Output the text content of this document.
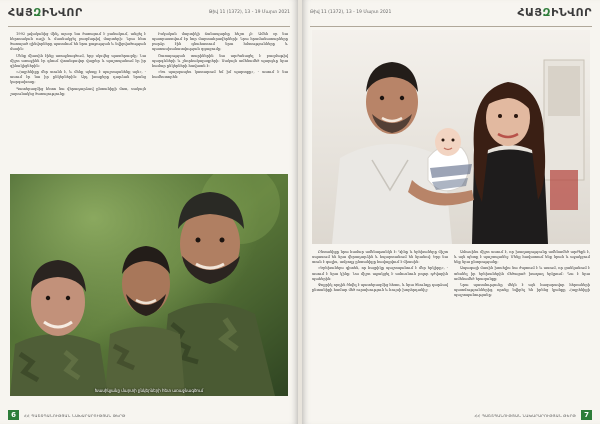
ՀԱՅԶԻՆՎՈՐ	Թիվ 11 (1372), 13 - 19 Մարտ 2021

1992 թվականից մինչ այսօր նա ծառայում է բանակում, անցել է հերոսական ուղի և մասնակցել բազմաթիվ մարտերի: Նրա հետ ծառայած զինվորները պատմում են նրա քաջության և նվիրվածության մասին:

Մենք միասին էինք առաջնագծում, երբ սկսվեց պատերազմը: Նա միշտ առաջինն էր գնում վտանգավոր վայրեր և պաշտպանում էր իր զինակիցներին:

«Հայրենիքը մեր տունն է, և մենք պետք է պաշտպանենք այն», - ասում էր նա իր ընկերներին: Այդ խոսքերը դարձան նրանց կարգախոսը:

Պատերազմից հետո նա վերադարձավ ընտանիքի մոտ, սակայն շարունակեց ծառայությունը:

Իսկական մարտիկի ճանապարհը հեշտ չէ: Ամեն օր նա պատրաստվում էր նոր մարտահրավերների: Նրա հրամանատարները բարձր էին գնահատում նրա հմտությունները և պատասխանատվության զգացումը:

Ծառայության տարիներին նա արժանացել է բազմաթիվ պարգևների և շնորհակալագրերի: Սակայն ամենամեծ պարգևը նրա համար ընկերների հավատն է:

«Ես պարզապես կատարում եմ իմ պարտքը», - ասում է նա համեստորեն:

Խասիկյանը մարտի ընկերների հետ առաջնագծում
6	ՀՀ ՊԱՇՏՊԱՆՈՒԹՅԱՆ ՆԱԽԱՐԱՐՈՒԹՅԱՆ ԹԵՐԹ
Թիվ 11 (1372), 13 - 19 Մարտ 2021	ՀԱՅԶԻՆՎՈՐ

Ընտանիքը նրա համար ամենաթանկն է: Կինը և երեխաները միշտ սպասում են նրա վերադարձին և հպարտանում են նրանով: Երբ նա տուն է գալիս, ամբողջ ընտանիքը հավաքվում է միասին:

«Երեխաներս գիտեն, որ հայրիկը պաշտպանում է մեր երկիրը», - ասում է նրա կինը: Նա միշտ աջակցել է ամուսնուն բոլոր դժվարին պահերին:

Փոքրիկ որդին ծնվել է պատերազմից հետո, և նրա ծնունդը դարձավ ընտանիքի համար մեծ ուրախություն և հույսի խորհրդանիշ:

Ամուսինս միշտ ասում է, որ խաղաղությունը ամենամեծ արժեքն է, և այն պետք է պաշտպանել: Մենք հավատում ենք նրան և աջակցում ենք նրա ընտրությանը:

Ապագայի մասին խոսելիս նա ժպտում է և ասում, որ ցանկանում է տեսնել իր երեխաներին մեծացած խաղաղ երկրում: Դա է նրա ամենամեծ երազանքը:

Նրա պատմությունը մեկն է այն հազարավոր հերոսների պատմություններից, որոնք նվիրել են իրենց կյանքը Հայրենիքի պաշտպանությանը:

ՀՀ ՊԱՇՏՊԱՆՈՒԹՅԱՆ ՆԱԽԱՐԱՐՈՒԹՅԱՆ ԹԵՐԹ	7
